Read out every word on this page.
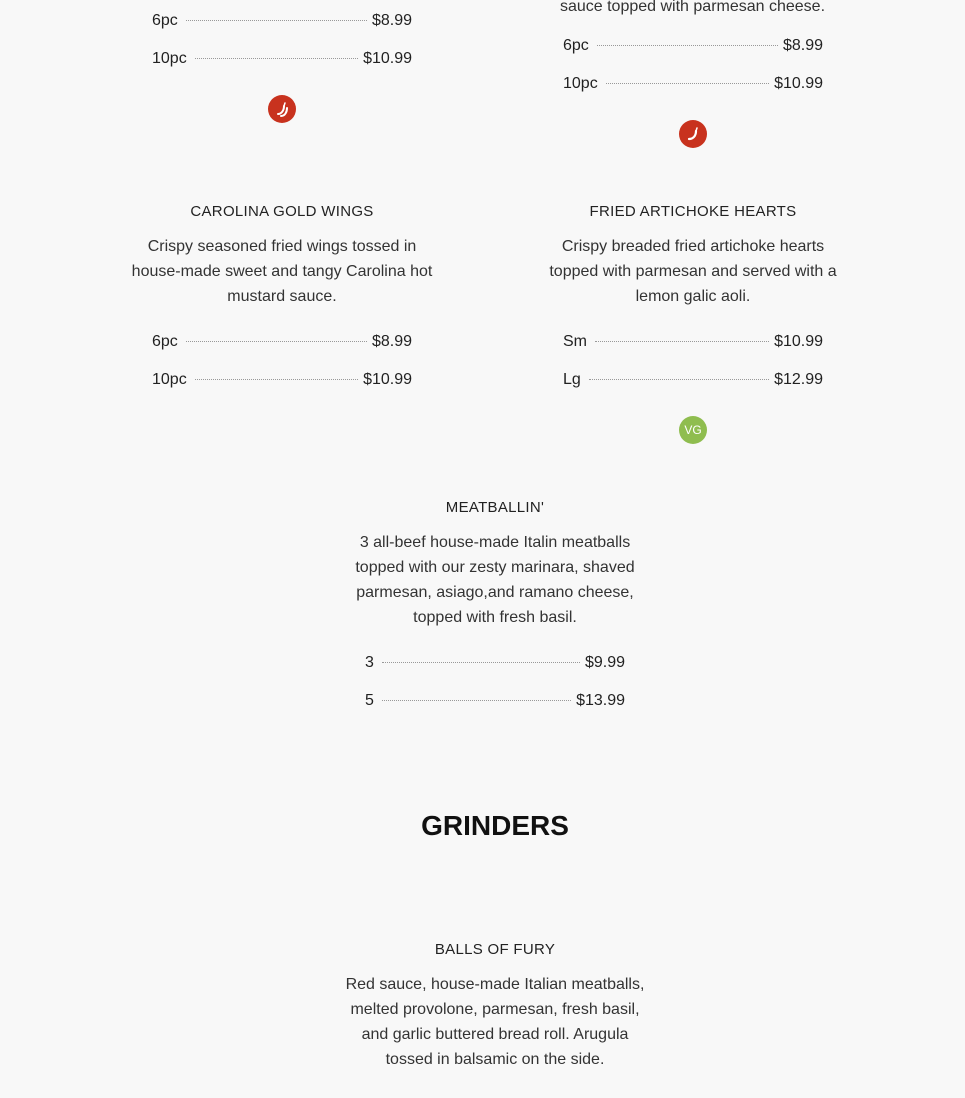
6pc	$8.99
10pc	$10.99

sauce topped with parmesan cheese.

6pc	$8.99
10pc	$10.99

CAROLINA GOLD WINGS

Crispy seasoned fried wings tossed in house-made sweet and tangy Carolina hot mustard sauce.

6pc	$8.99
10pc	$10.99

FRIED ARTICHOKE HEARTS

Crispy breaded fried artichoke hearts topped with parmesan and served with a lemon galic aoli.

Sm	$10.99
Lg	$12.99
VG

MEATBALLIN'

3 all-beef house-made Italin meatballs topped with our zesty marinara, shaved parmesan, asiago,and ramano cheese, topped with fresh basil.

3	$9.99
5	$13.99
GRINDERS

BALLS OF FURY

Red sauce, house-made Italian meatballs, melted provolone, parmesan, fresh basil, and garlic buttered bread roll. Arugula tossed in balsamic on the side.
